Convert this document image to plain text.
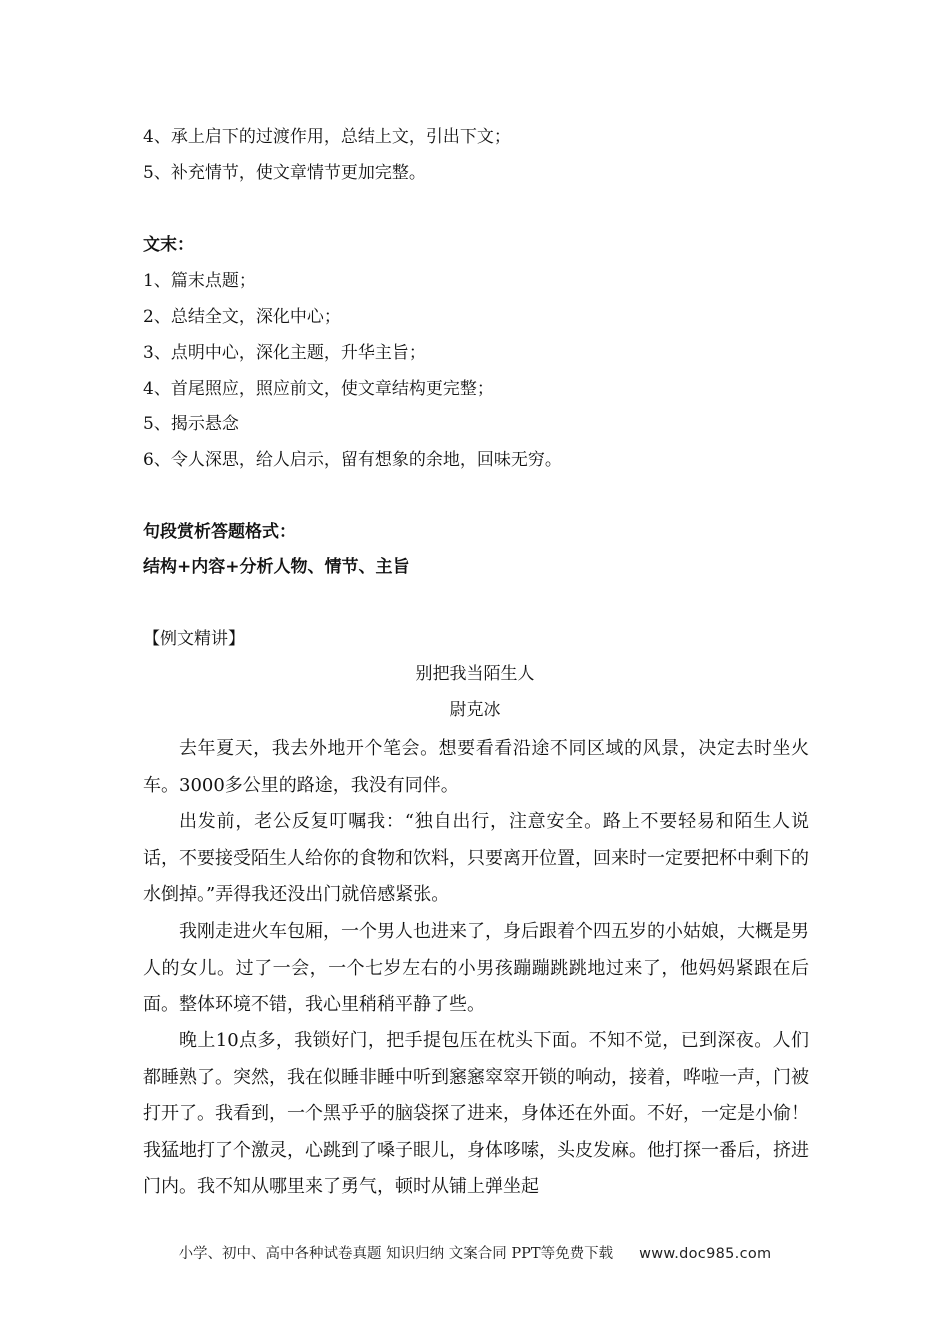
4、承上启下的过渡作用，总结上文，引出下文；
5、补充情节，使文章情节更加完整。
文末：
1、篇末点题；
2、总结全文，深化中心；
3、点明中心，深化主题，升华主旨；
4、首尾照应，照应前文，使文章结构更完整；
5、揭示悬念
6、令人深思，给人启示，留有想象的余地，回味无穷。
句段赏析答题格式：
结构+内容+分析人物、情节、主旨
【例文精讲】
别把我当陌生人
尉克冰
去年夏天，我去外地开个笔会。想要看看沿途不同区域的风景，决定去时坐火车。3000多公里的路途，我没有同伴。
出发前，老公反复叮嘱我：“独自出行，注意安全。路上不要轻易和陌生人说话，不要接受陌生人给你的食物和饮料，只要离开位置，回来时一定要把杯中剩下的水倒掉。”弄得我还没出门就倍感紧张。
我刚走进火车包厢，一个男人也进来了，身后跟着个四五岁的小姑娘，大概是男人的女儿。过了一会，一个七岁左右的小男孩蹦蹦跳跳地过来了，他妈妈紧跟在后面。整体环境不错，我心里稍稍平静了些。
晚上10点多，我锁好门，把手提包压在枕头下面。不知不觉，已到深夜。人们都睡熟了。突然，我在似睡非睡中听到窸窸窣窣开锁的响动，接着，哗啦一声，门被打开了。我看到，一个黑乎乎的脑袋探了进来，身体还在外面。不好，一定是小偷！我猛地打了个激灵，心跳到了嗓子眼儿，身体哆嗦，头皮发麻。他打探一番后，挤进门内。我不知从哪里来了勇气，顿时从铺上弹坐起
小学、初中、高中各种试卷真题 知识归纳 文案合同 PPT等免费下载 www.doc985.com
